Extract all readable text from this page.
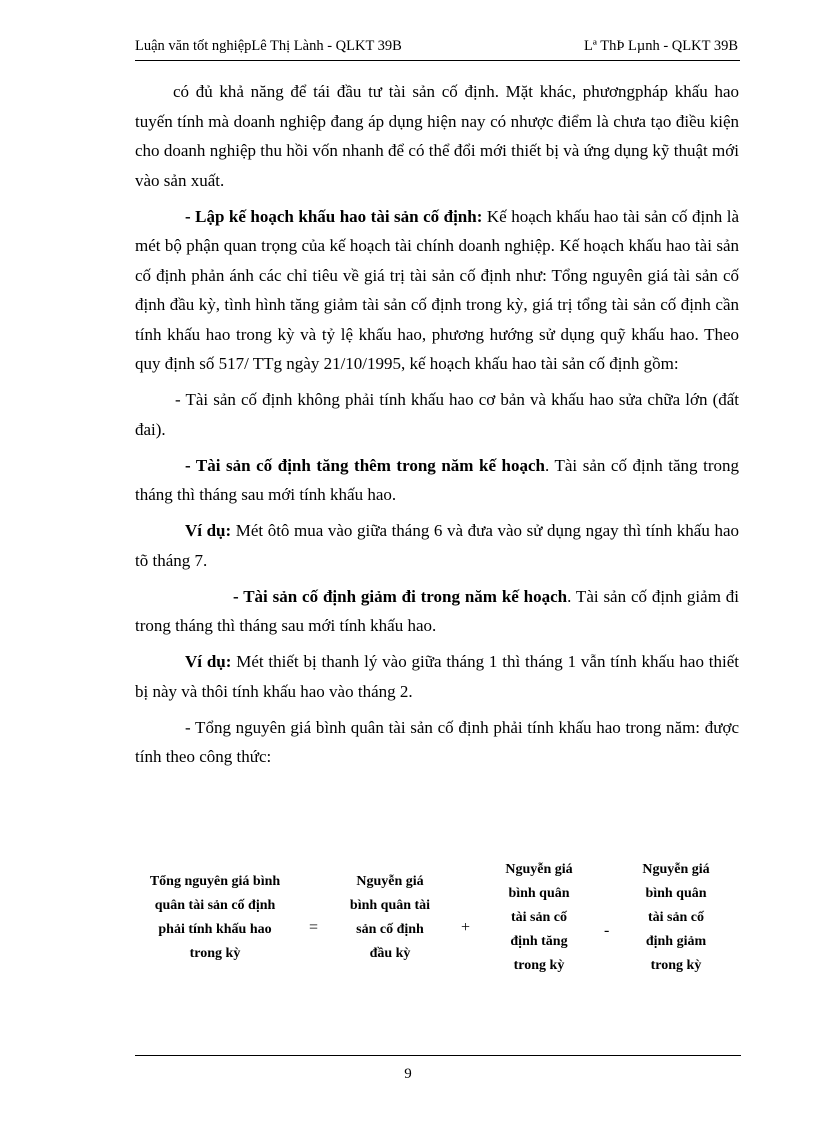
Luận văn tốt nghiệpLê Thị Lành - QLKT 39B	Lª ThÞ Lµnh - QLKT 39B

có đủ khả năng để tái đầu tư tài sản cố định. Mặt khác, phươngpháp khấu hao tuyến tính mà doanh nghiệp đang áp dụng hiện nay có nhược điểm là chưa tạo điều kiện cho doanh nghiệp thu hồi vốn nhanh để có thể đổi mới thiết bị và ứng dụng kỹ thuật mới vào sản xuất.

- Lập kế hoạch khấu hao tài sản cố định: Kế hoạch khấu hao tài sản cố định là mét bộ phận quan trọng của kế hoạch tài chính doanh nghiệp. Kế hoạch khấu hao tài sản cố định phản ánh các chỉ tiêu về giá trị tài sản cố định như: Tổng nguyên giá tài sản cố định đầu kỳ, tình hình tăng giảm tài sản cố định trong kỳ, giá trị tổng tài sản cố định cần tính khấu hao trong kỳ và tỷ lệ khấu hao, phương hướng sử dụng quỹ khấu hao. Theo quy định số 517/ TTg ngày 21/10/1995, kế hoạch khấu hao tài sản cố định gồm:

- Tài sản cố định không phải tính khấu hao cơ bản và khấu hao sửa chữa lớn (đất đai).

- Tài sản cố định tăng thêm trong năm kế hoạch. Tài sản cố định tăng trong tháng thì tháng sau mới tính khấu hao.

Ví dụ: Mét ôtô mua vào giữa tháng 6 và đưa vào sử dụng ngay thì tính khấu hao tõ tháng 7.

- Tài sản cố định giảm đi trong năm kế hoạch. Tài sản cố định giảm đi trong tháng thì tháng sau mới tính khấu hao.

Ví dụ: Mét thiết bị thanh lý vào giữa tháng 1 thì tháng 1 vẫn tính khấu hao thiết bị này và thôi tính khấu hao vào tháng 2.

- Tổng nguyên giá bình quân tài sản cố định phải tính khấu hao trong năm: được tính theo công thức:

Tổng nguyên giá bình
quân tài sản cố định
phải tính khấu hao
trong kỳ
=
Nguyễn giá
bình quân tài
sản cố định
đầu kỳ
+
Nguyễn giá
bình quân
tài sản cố
định tăng
trong kỳ
-
Nguyễn giá
bình quân
tài sản cố
định giảm
trong kỳ
9
